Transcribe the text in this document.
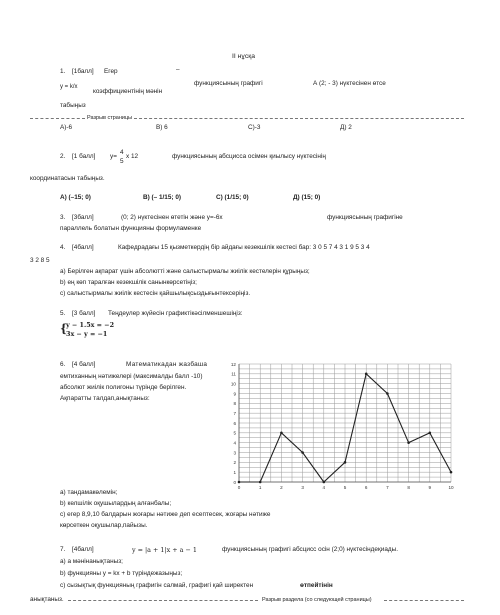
II нұсқа
1. [1балл] Егер	–
y = k/x
коэффициентінің мәнін
функциясының графигі	А (2; - 3) нүктесінен өтсе
табыңыз
Разрыв страницы
А)-6	В) 6	С)-3	Д) 2
2. [1 балл] y=
4
5
x 12	функциясының абсцисса осімен қиылысу нүктесінің
координатасын табыңыз.
А) (–15; 0)	В) (– 1/15; 0)	С) (1/15; 0)	Д) (15; 0)
3. [3балл]	(0; 2) нүктесінен өтетін және y=-6x	функциясының графигіне
параллель болатын функцияны формуламенке
4. [4балл]	Кафедрадағы 15 қызметкердің бір айдағы кезекшілік кестесі бар: 3 0 5 7 4 3 1 9 5 3 4
3 2 8 5
а) Берілген ақпарат үшін абсолютті және салыстырмалы жиілік кестелерін құрыңыз;
b) ең көп таралған кезекшілік санынкөрсетіңіз;
c) салыстырмалы жиілік кестесін қайшылықсыздығынтексеріңіз.
5. [3 балл] Теңдеулер жүйесін графиктікәсілменшешіңіз:
{
y − 1.5x = −2
3x − y = −1
6. [4 балл]	Математикадан жазбаша
емтиханның нәтижелері (максималды балл -10)
абсолют жиілік полигоны түрінде берілген.
Ақпаратты талдап,анықтаныз:
0
1
2
3
4
5
6
7
8
9
10
11
12
0	1	2	3	4	5	6	7	8	9	10
а) тандамакөлемін;
b) келшілік оқушылардың алғанбалы;
c) егер 8,9,10 балдарын жоғары нәтиже деп есептесек, жоғары нәтиже
көрсеткен оқушылар,пайызы.
7. [4балл]	y = |a + 1|x + a − 1	функциясының графигі абсцисс осін (2;0) нүктесіндеқиады.
а) a мәнінанықтаныз;
b) функцияны y = kx + b түріндежазыңыз;
c) сызықтық функцияның графигін салмай, графигі қай ширектен	өтпейтінін
анықтаныз.	Разрыв раздела (со следующей страницы)
